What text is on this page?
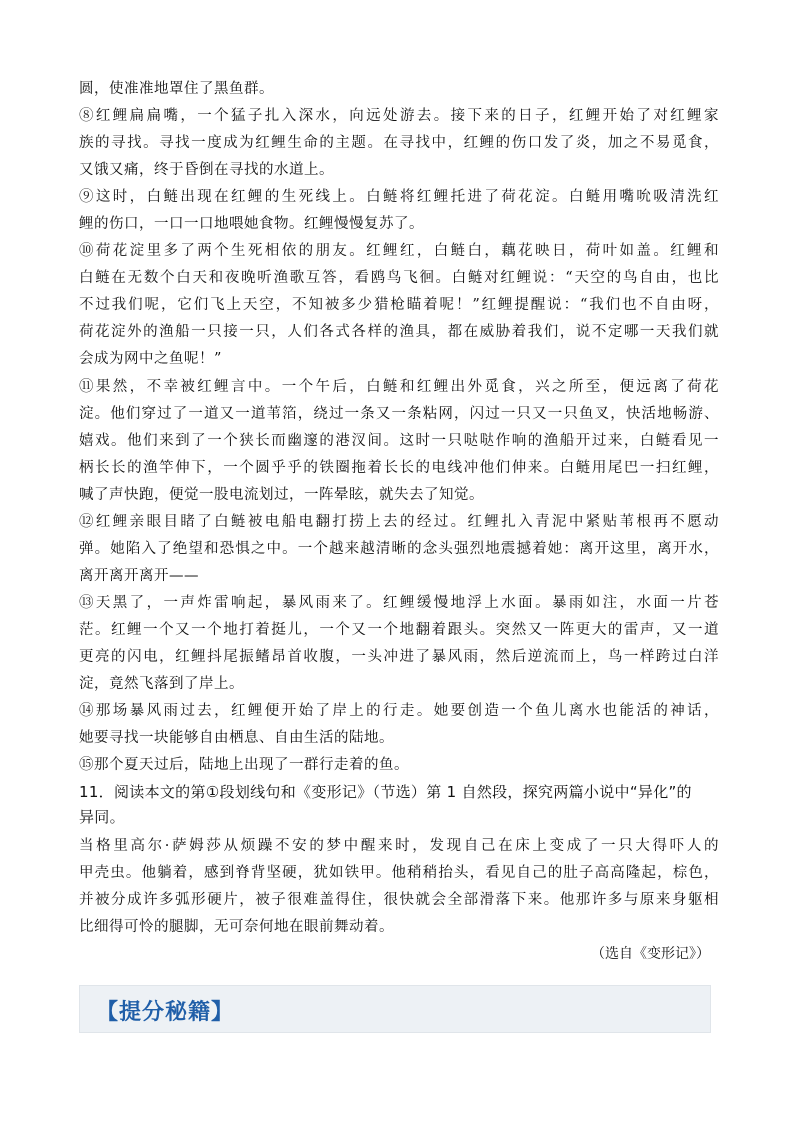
圆，使准准地罩住了黑鱼群。
⑧红鲤扁扁嘴，一个猛子扎入深水，向远处游去。接下来的日子，红鲤开始了对红鲤家
族的寻找。寻找一度成为红鲤生命的主题。在寻找中，红鲤的伤口发了炎，加之不易觅食，
又饿又痛，终于昏倒在寻找的水道上。
⑨这时，白鲢出现在红鲤的生死线上。白鲢将红鲤托进了荷花淀。白鲢用嘴吮吸清洗红
鲤的伤口，一口一口地喂她食物。红鲤慢慢复苏了。
⑩荷花淀里多了两个生死相依的朋友。红鲤红，白鲢白，藕花映日，荷叶如盖。红鲤和
白鲢在无数个白天和夜晚听渔歌互答，看鸥鸟飞徊。白鲢对红鲤说：“天空的鸟自由，也比
不过我们呢，它们飞上天空，不知被多少猎枪瞄着呢！”红鲤提醒说：“我们也不自由呀，
荷花淀外的渔船一只接一只，人们各式各样的渔具，都在威胁着我们，说不定哪一天我们就
会成为网中之鱼呢！”
⑪果然，不幸被红鲤言中。一个午后，白鲢和红鲤出外觅食，兴之所至，便远离了荷花
淀。他们穿过了一道又一道苇箔，绕过一条又一条粘网，闪过一只又一只鱼叉，快活地畅游、
嬉戏。他们来到了一个狭长而幽邃的港汊间。这时一只哒哒作响的渔船开过来，白鲢看见一
柄长长的渔竿伸下，一个圆乎乎的铁圈拖着长长的电线冲他们伸来。白鲢用尾巴一扫红鲤，
喊了声快跑，便觉一股电流划过，一阵晕眩，就失去了知觉。
⑫红鲤亲眼目睹了白鲢被电船电翻打捞上去的经过。红鲤扎入青泥中紧贴苇根再不愿动
弹。她陷入了绝望和恐惧之中。一个越来越清晰的念头强烈地震撼着她：离开这里，离开水，
离开离开离开——
⑬天黑了，一声炸雷响起，暴风雨来了。红鲤缓慢地浮上水面。暴雨如注，水面一片苍
茫。红鲤一个又一个地打着挺儿，一个又一个地翻着跟头。突然又一阵更大的雷声，又一道
更亮的闪电，红鲤抖尾振鳍昂首收腹，一头冲进了暴风雨，然后逆流而上，鸟一样跨过白洋
淀，竟然飞落到了岸上。
⑭那场暴风雨过去，红鲤便开始了岸上的行走。她要创造一个鱼儿离水也能活的神话，
她要寻找一块能够自由栖息、自由生活的陆地。
⑮那个夏天过后，陆地上出现了一群行走着的鱼。
11．阅读本文的第①段划线句和《变形记》（节选）第 1 自然段，探究两篇小说中“异化”的
异同。
当格里高尔·萨姆莎从烦躁不安的梦中醒来时，发现自己在床上变成了一只大得吓人的
甲壳虫。他躺着，感到脊背坚硬，犹如铁甲。他稍稍抬头，看见自己的肚子高高隆起，棕色，
并被分成许多弧形硬片，被子很难盖得住，很快就会全部滑落下来。他那许多与原来身躯相
比细得可怜的腿脚，无可奈何地在眼前舞动着。
（选自《变形记》）
【提分秘籍】
